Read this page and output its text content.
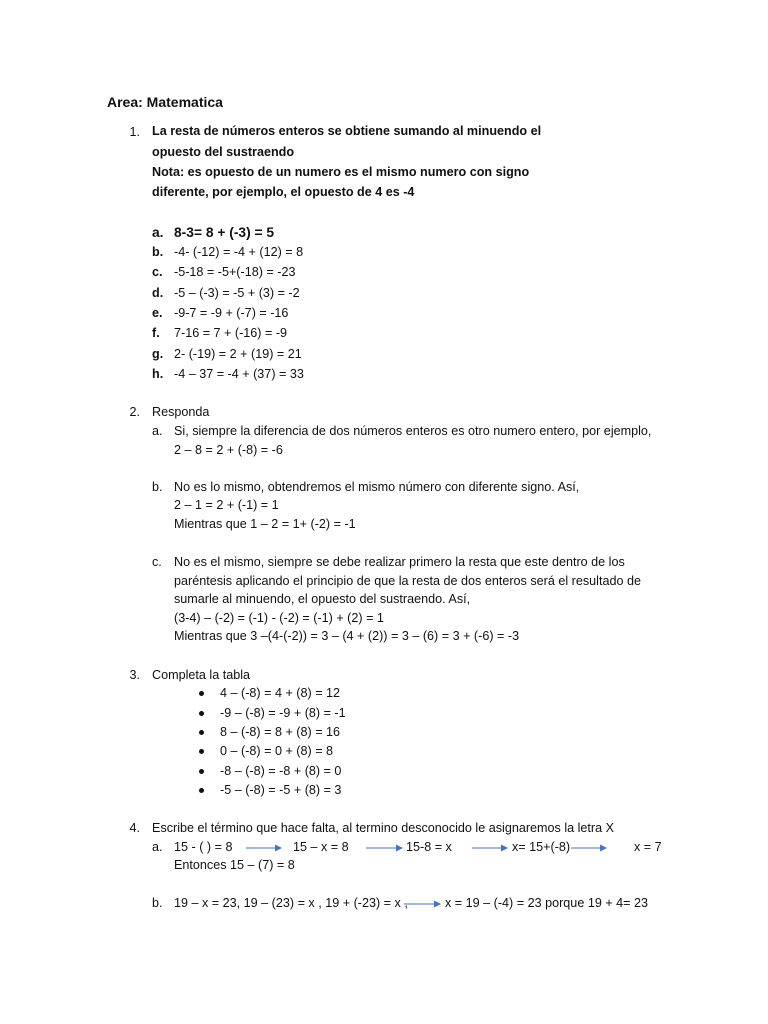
Area: Matematica
1. La resta de números enteros se obtiene sumando al minuendo el
opuesto del sustraendo
Nota: es opuesto de un numero es el mismo numero con signo
diferente, por ejemplo, el opuesto de 4 es -4
a. 8-3= 8 + (-3) = 5
b. -4- (-12) = -4 + (12) = 8
c. -5-18 = -5+(-18) = -23
d. -5 – (-3) = -5 + (3) = -2
e. -9-7 = -9 + (-7) = -16
f. 7-16 = 7 + (-16) = -9
g. 2- (-19) = 2 + (19) = 21
h. -4 – 37 = -4 + (37) = 33
2. Responda
a. Si, siempre la diferencia de dos números enteros es otro numero entero, por ejemplo,
2 – 8 = 2 + (-8) = -6
b. No es lo mismo, obtendremos el mismo número con diferente signo. Así,
2 – 1 = 2 + (-1) = 1
Mientras que 1 – 2 = 1+ (-2) = -1
c. No es el mismo, siempre se debe realizar primero la resta que este dentro de los
paréntesis aplicando el principio de que la resta de dos enteros será el resultado de
sumarle al minuendo, el opuesto del sustraendo. Así,
(3-4) – (-2) = (-1) - (-2) = (-1) + (2) = 1
Mientras que 3 –(4-(-2)) = 3 – (4 + (2)) = 3 – (6) = 3 + (-6) = -3
3. Completa la tabla
4 – (-8) = 4 + (8) = 12
-9 – (-8) = -9 + (8) = -1
8 – (-8) = 8 + (8) = 16
0 – (-8) = 0 + (8) = 8
-8 – (-8) = -8 + (8) = 0
-5 – (-8) = -5 + (8) = 3
4. Escribe el término que hace falta, al termino desconocido le asignaremos la letra X
a. 15 - ( ) = 8	15 – x = 8	15-8 = x	x= 15+(-8)	x = 7
Entonces 15 – (7) = 8
b. 19 – x = 23, 19 – (23) = x , 19 + (-23) = x ,	x = 19 – (-4) = 23 porque 19 + 4= 23
